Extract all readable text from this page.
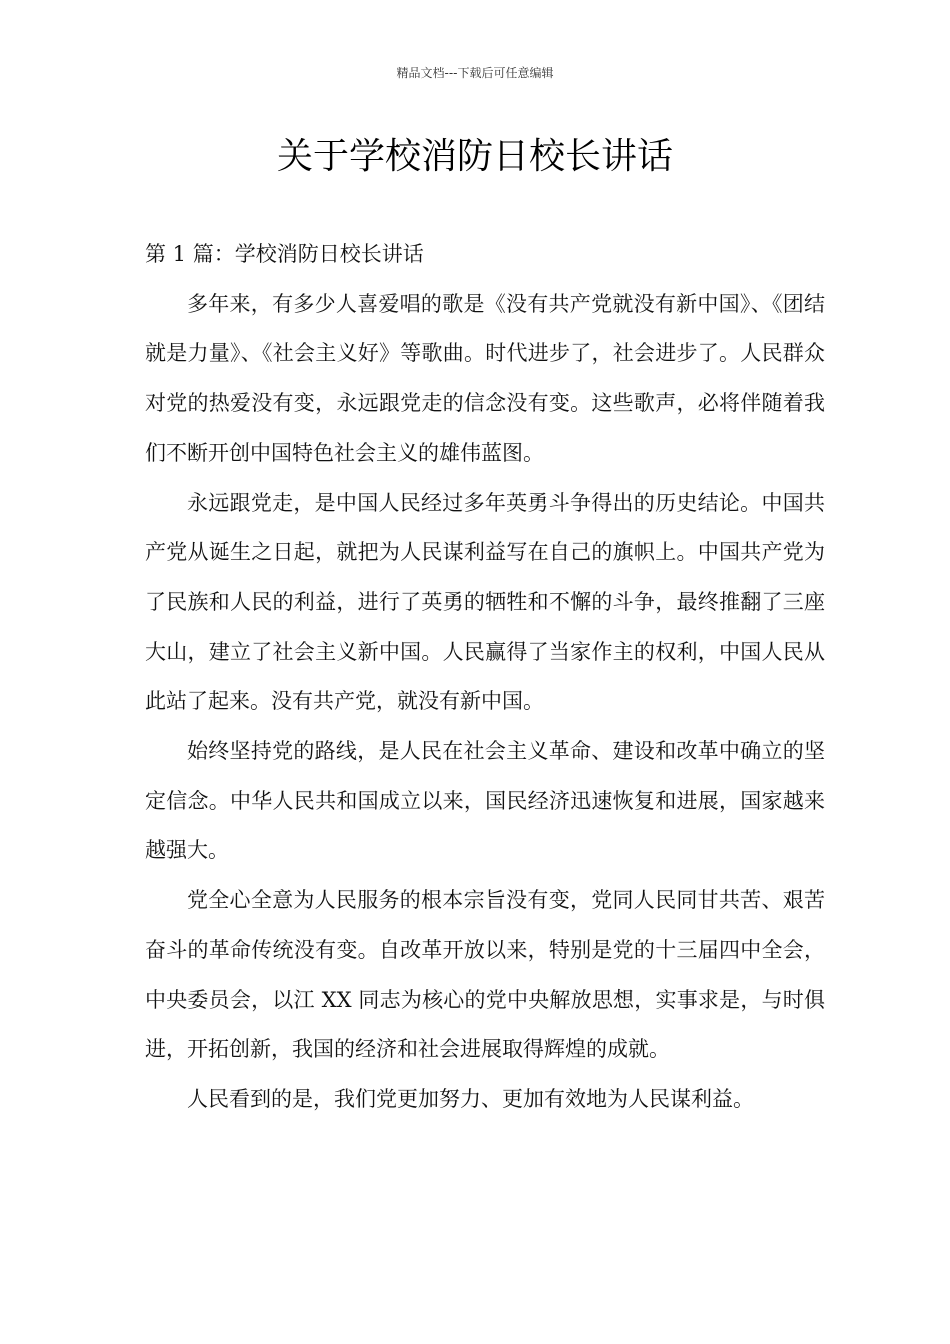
精品文档---下载后可任意编辑
关于学校消防日校长讲话

第 1 篇：学校消防日校长讲话

多年来，有多少人喜爱唱的歌是《没有共产党就没有新中国》、《团结就是力量》、《社会主义好》等歌曲。时代进步了，社会进步了。人民群众对党的热爱没有变，永远跟党走的信念没有变。这些歌声，必将伴随着我们不断开创中国特色社会主义的雄伟蓝图。

永远跟党走，是中国人民经过多年英勇斗争得出的历史结论。中国共产党从诞生之日起，就把为人民谋利益写在自己的旗帜上。中国共产党为了民族和人民的利益，进行了英勇的牺牲和不懈的斗争，最终推翻了三座大山，建立了社会主义新中国。人民赢得了当家作主的权利，中国人民从此站了起来。没有共产党，就没有新中国。

始终坚持党的路线，是人民在社会主义革命、建设和改革中确立的坚定信念。中华人民共和国成立以来，国民经济迅速恢复和进展，国家越来越强大。

党全心全意为人民服务的根本宗旨没有变，党同人民同甘共苦、艰苦奋斗的革命传统没有变。自改革开放以来，特别是党的十三届四中全会，中央委员会，以江 XX 同志为核心的党中央解放思想，实事求是，与时俱进，开拓创新，我国的经济和社会进展取得辉煌的成就。

人民看到的是，我们党更加努力、更加有效地为人民谋利益。
